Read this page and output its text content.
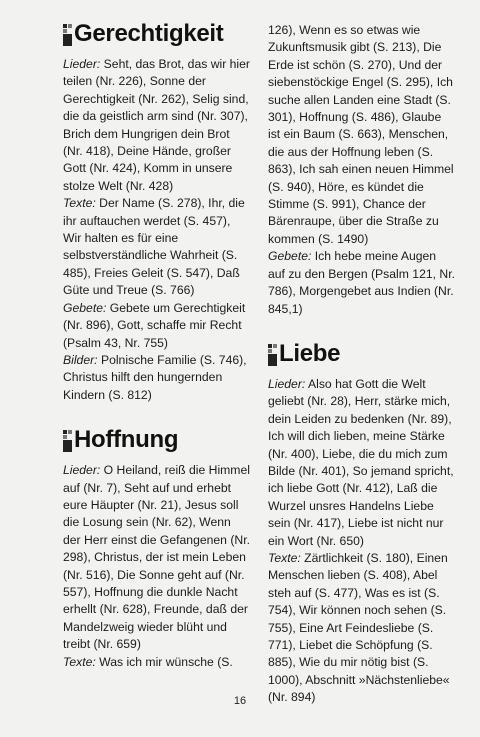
Gerechtigkeit

Lieder: Seht, das Brot, das wir hier teilen (Nr. 226), Sonne der Gerechtigkeit (Nr. 262), Selig sind, die da geistlich arm sind (Nr. 307), Brich dem Hungrigen dein Brot (Nr. 418), Deine Hände, großer Gott (Nr. 424), Komm in unsere stolze Welt (Nr. 428)

Texte: Der Name (S. 278), Ihr, die ihr auftauchen werdet (S. 457), Wir halten es für eine selbstverständliche Wahrheit (S. 485), Freies Geleit (S. 547), Daß Güte und Treue (S. 766)

Gebete: Gebete um Gerechtigkeit (Nr. 896), Gott, schaffe mir Recht (Psalm 43, Nr. 755)

Bilder: Polnische Familie (S. 746), Christus hilft den hungernden Kindern (S. 812)

Hoffnung

Lieder: O Heiland, reiß die Himmel auf (Nr. 7), Seht auf und erhebt eure Häupter (Nr. 21), Jesus soll die Losung sein (Nr. 62), Wenn der Herr einst die Gefangenen (Nr. 298), Christus, der ist mein Leben (Nr. 516), Die Sonne geht auf (Nr. 557), Hoffnung die dunkle Nacht erhellt (Nr. 628), Freunde, daß der Mandelzweig wieder blüht und treibt (Nr. 659)

Texte: Was ich mir wünsche (S.

126), Wenn es so etwas wie Zukunftsmusik gibt (S. 213), Die Erde ist schön (S. 270), Und der siebenstöckige Engel (S. 295), Ich suche allen Landen eine Stadt (S. 301), Hoffnung (S. 486), Glaube ist ein Baum (S. 663), Menschen, die aus der Hoffnung leben (S. 863), Ich sah einen neuen Himmel (S. 940), Höre, es kündet die Stimme (S. 991), Chance der Bärenraupe, über die Straße zu kommen (S. 1490)

Gebete: Ich hebe meine Augen auf zu den Bergen (Psalm 121, Nr. 786), Morgengebet aus Indien (Nr. 845,1)

Liebe

Lieder: Also hat Gott die Welt geliebt (Nr. 28), Herr, stärke mich, dein Leiden zu bedenken (Nr. 89), Ich will dich lieben, meine Stärke (Nr. 400), Liebe, die du mich zum Bilde (Nr. 401), So jemand spricht, ich liebe Gott (Nr. 412), Laß die Wurzel unsres Handelns Liebe sein (Nr. 417), Liebe ist nicht nur ein Wort (Nr. 650)

Texte: Zärtlichkeit (S. 180), Einen Menschen lieben (S. 408), Abel steh auf (S. 477), Was es ist (S. 754), Wir können noch sehen (S. 755), Eine Art Feindesliebe (S. 771), Liebet die Schöpfung (S. 885), Wie du mir nötig bist (S. 1000), Abschnitt »Nächstenliebe« (Nr. 894)

16
